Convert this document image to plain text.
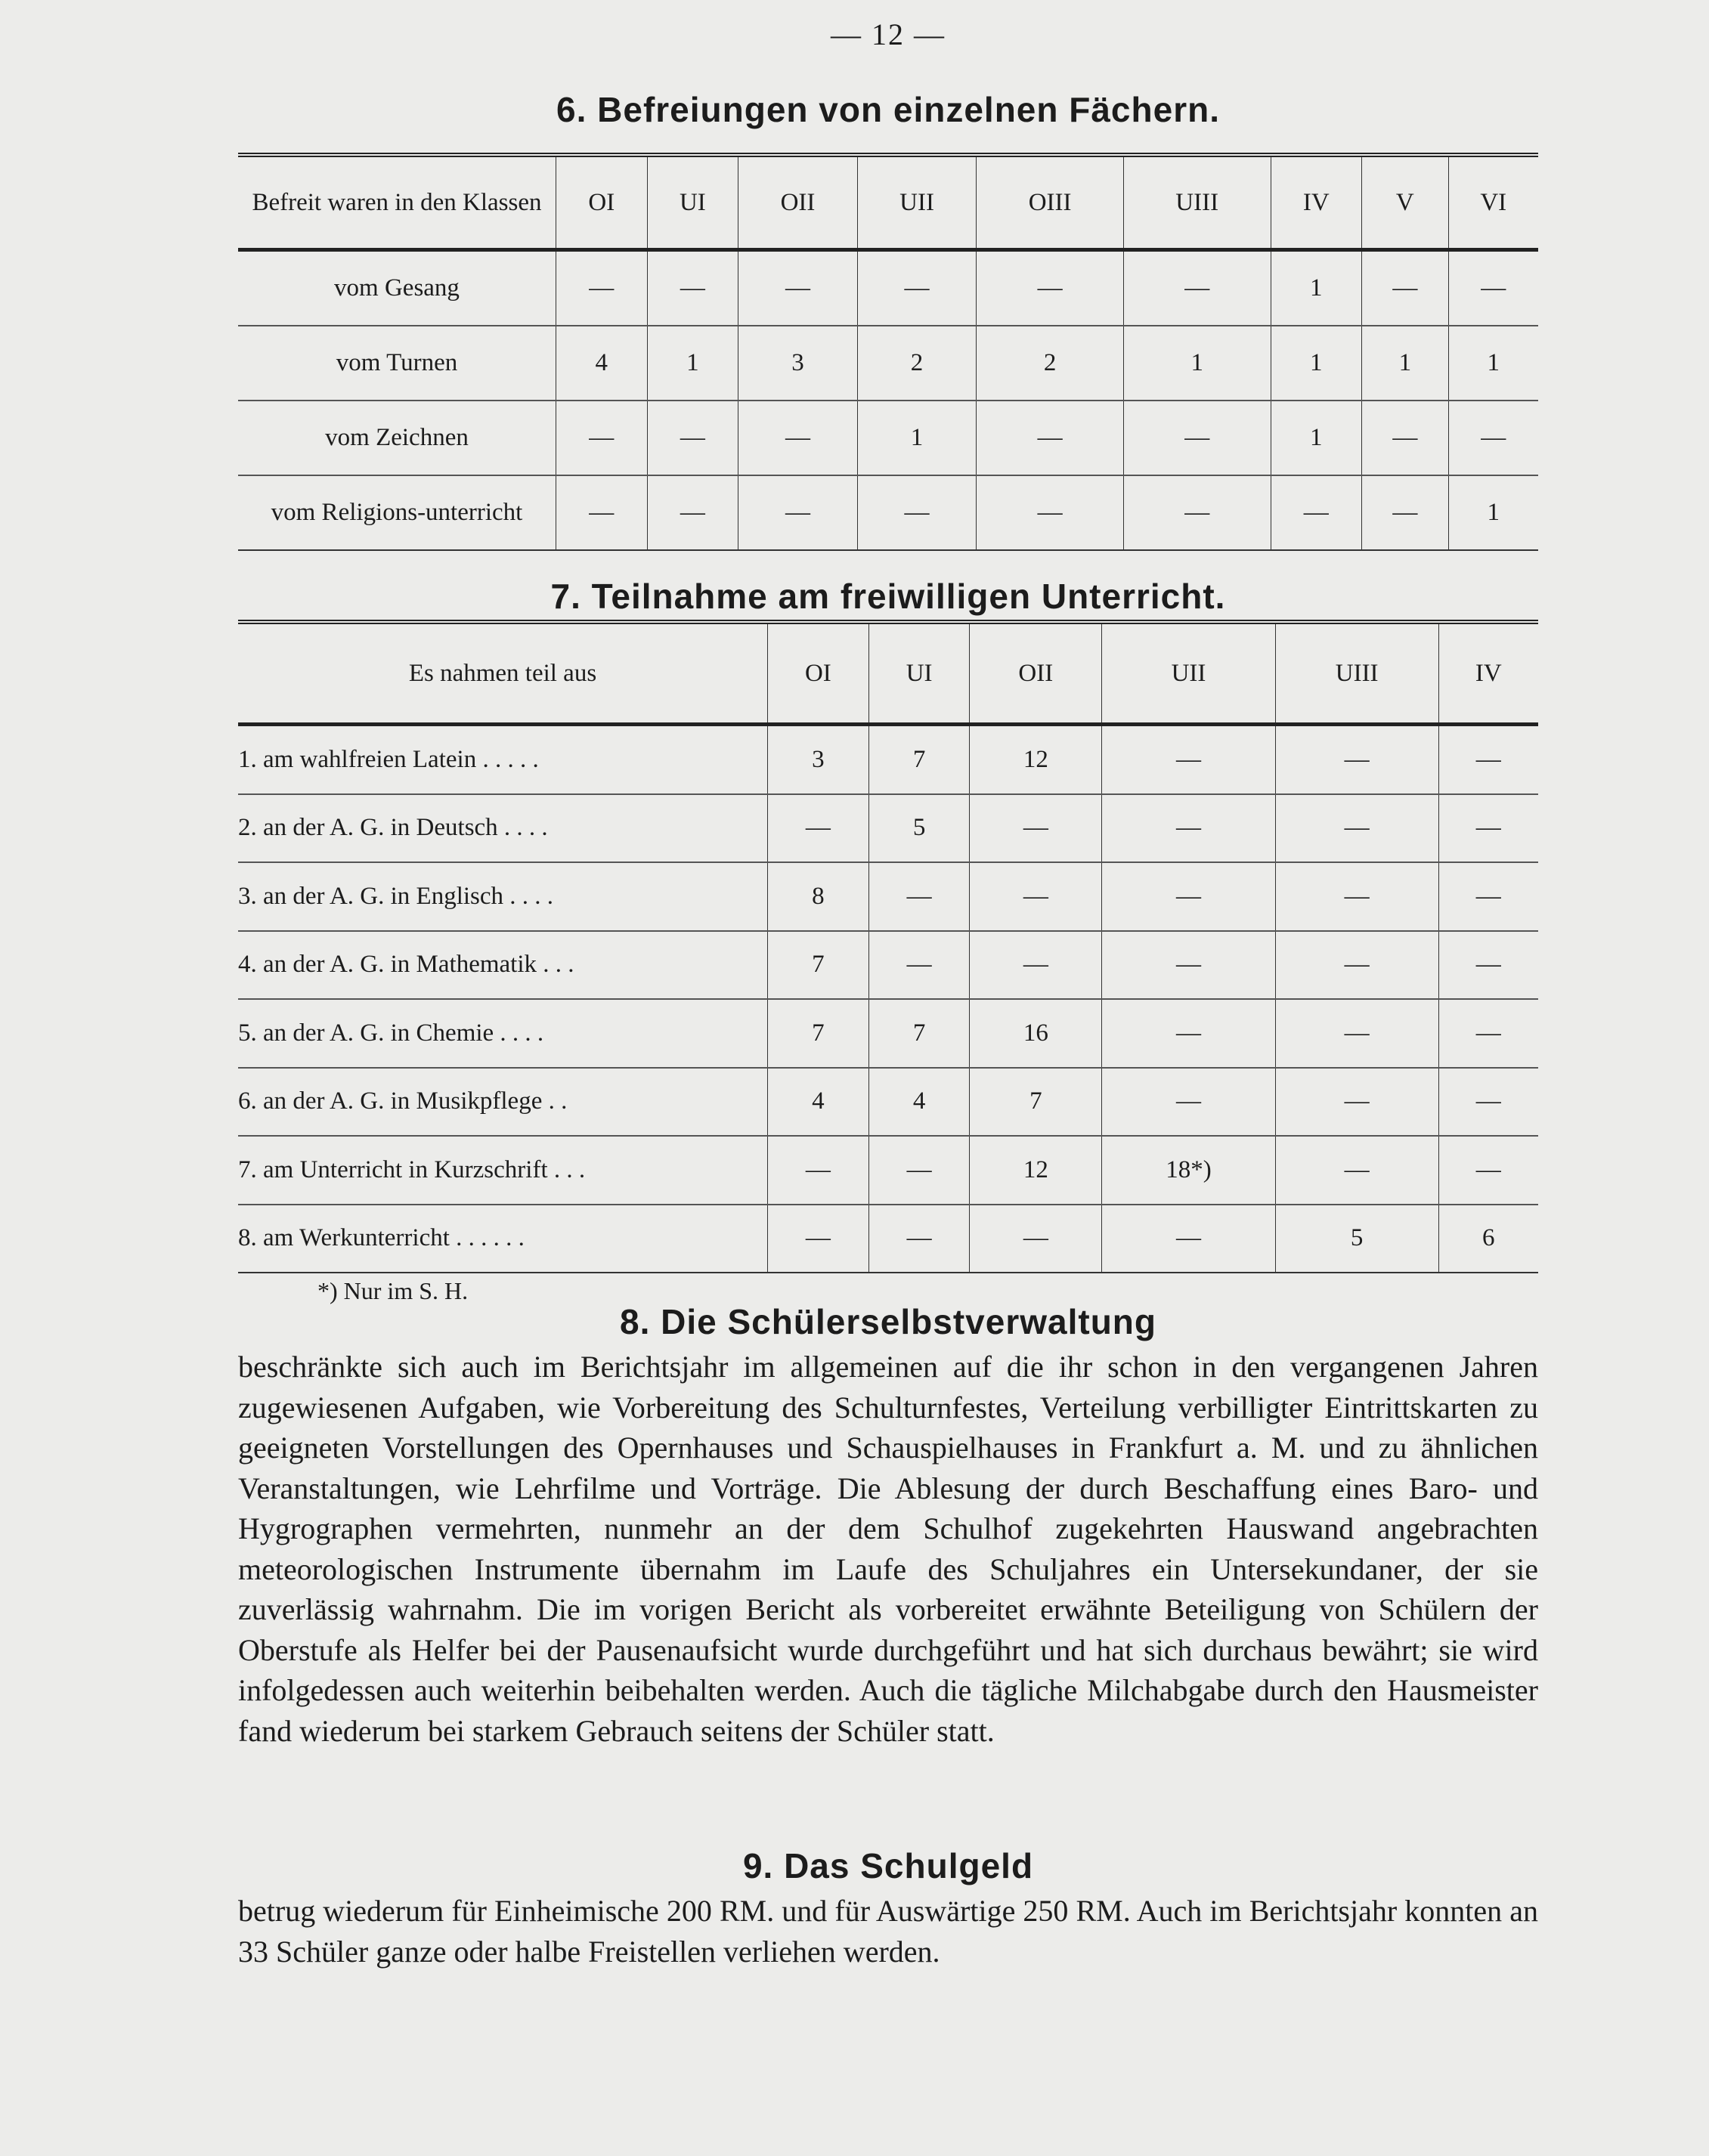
— 12 —
6. Befreiungen von einzelnen Fächern.
Befreit waren in den Klassen	OI	UI	OII	UII	OIII	UIII	IV	V	VI
vom Gesang	—	—	—	—	—	—	1	—	—
vom Turnen	4	1	3	2	2	1	1	1	1
vom Zeichnen	—	—	—	1	—	—	1	—	—
vom Religions-unterricht	—	—	—	—	—	—	—	—	1
7. Teilnahme am freiwilligen Unterricht.
Es nahmen teil aus	OI	UI	OII	UII	UIII	IV
1. am wahlfreien Latein . . . . .	3	7	12	—	—	—
2. an der A. G. in Deutsch . . . .	—	5	—	—	—	—
3. an der A. G. in Englisch . . . .	8	—	—	—	—	—
4. an der A. G. in Mathematik . . .	7	—	—	—	—	—
5. an der A. G. in Chemie . . . .	7	7	16	—	—	—
6. an der A. G. in Musikpflege . .	4	4	7	—	—	—
7. am Unterricht in Kurzschrift . . .	—	—	12	18*)	—	—
8. am Werkunterricht . . . . . .	—	—	—	—	5	6
*) Nur im S. H.
8. Die Schülerselbstverwaltung

beschränkte sich auch im Berichtsjahr im allgemeinen auf die ihr schon in den vergangenen Jahren zugewiesenen Aufgaben, wie Vorbereitung des Schulturnfestes, Verteilung verbilligter Eintrittskarten zu geeigneten Vorstellungen des Opernhauses und Schauspielhauses in Frankfurt a. M. und zu ähnlichen Veranstaltungen, wie Lehrfilme und Vorträge. Die Ablesung der durch Beschaffung eines Baro- und Hygrographen vermehrten, nunmehr an der dem Schulhof zugekehrten Hauswand angebrachten meteorologischen Instrumente übernahm im Laufe des Schuljahres ein Untersekundaner, der sie zuverlässig wahrnahm. Die im vorigen Bericht als vorbereitet erwähnte Beteiligung von Schülern der Oberstufe als Helfer bei der Pausenaufsicht wurde durchgeführt und hat sich durchaus bewährt; sie wird infolgedessen auch weiterhin beibehalten werden. Auch die tägliche Milchabgabe durch den Hausmeister fand wiederum bei starkem Gebrauch seitens der Schüler statt.

9. Das Schulgeld

betrug wiederum für Einheimische 200 RM. und für Auswärtige 250 RM. Auch im Berichtsjahr konnten an 33 Schüler ganze oder halbe Freistellen verliehen werden.
